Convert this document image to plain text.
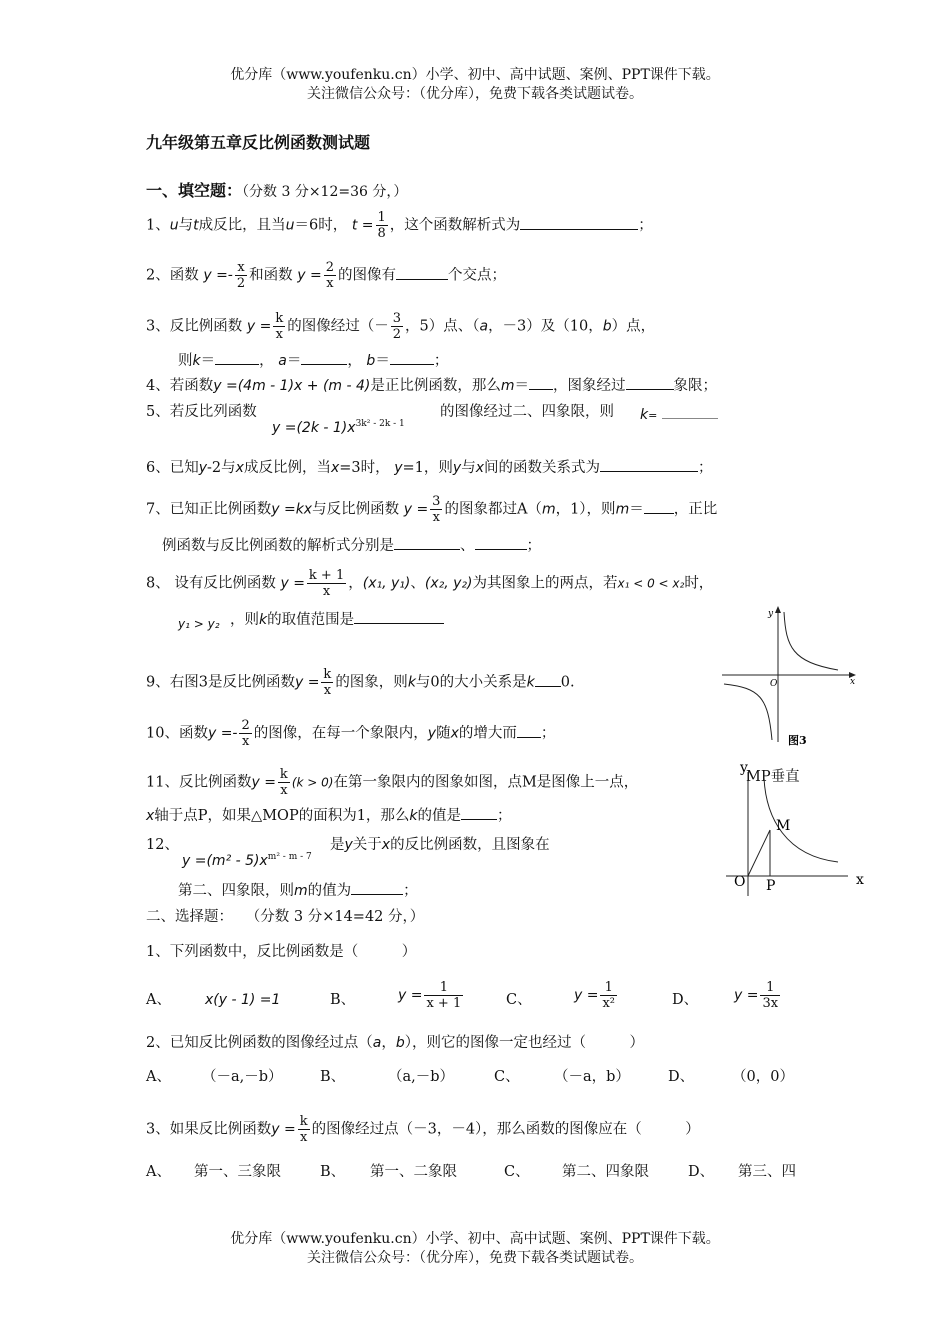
优分库（www.youfenku.cn）小学、初中、高中试题、案例、PPT课件下载。
关注微信公众号：（优分库），免费下载各类试题试卷。
九年级第五章反比例函数测试题
一、填空题：（分数 3 分×12=36 分，）
1、u与t成反比，且当u＝6时， $t = \frac{1}{8}$ ，这个函数解析式为	；
2、函数 $y =- \frac{x}{2}$ 和函数 $y = \frac{2}{x}$ 的图像有	个交点；
3、反比例函数 $y = \frac{k}{x}$ 的图像经过（－ $\frac{3}{2}$ ，5）点、（a，－3）及（10，b）点，
则k＝	， a＝	， b＝	；
4、若函数y =(4m - 1)x + (m - 4)是正比例函数，那么m＝ ，图象经过	象限；
5、若反比列函数
$y =(2k - 1)x^{3k^2 - 2k - 1}$
的图像经过二、四象限，则 k=
6、已知y-2与x成反比例，当x=3时， y=1，则y与x间的函数关系式为	；
7、已知正比例函数y =kx与反比例函数 $y = \frac{3}{x}$ 的图象都过A（m，1），则m＝ ，正比
例函数与反比例函数的解析式分别是	、	；
8、 设有反比例函数 $y = \frac{k + 1}{x}$ ，(x₁, y₁)、(x₂, y₂)为其图象上的两点，若x₁ < 0 < x₂时，
y₁ > y₂ ，则k的取值范围是
9、右图3是反比例函数$y = \frac{k}{x}$ 的图象，则k与0的大小关系是k 0.
10、函数$y =- \frac{2}{x}$ 的图像，在每一个象限内，y随x的增大而 ；
11、反比例函数$y = \frac{k}{x} (k > 0)$在第一象限内的图象如图，点M是图像上一点，	MP垂直
x轴于点P，如果△MOP的面积为1，那么k的值是 ；
12、
$y =(m^2 - 5)x^{m^2 - m - 7}$
是y关于x的反比例函数，且图象在
第二、四象限，则m的值为	；
二、选择题： （分数 3 分×14=42 分，）
1、下列函数中，反比例函数是（　　　）
A、 x(y - 1) =1	B、	$y = \frac{1}{x + 1}$	C、	$y = \frac{1}{\text{x²}}$	D、	$y = \frac{1}{3x}$
2、已知反比例函数的图像经过点（a，b），则它的图像一定也经过（　　　）
A、 （－a,－b）	B、	（a,－b）	C、 （－a，b）	D、	（0，0）
3、如果反比例函数$y = \frac{k}{x}$ 的图像经过点（－3，－4），那么函数的图像应在（　　　）
A、 第一、三象限	B、 第一、二象限	C、 第二、四象限	D、 第三、四
y
x
O
图3
y
x
O
M
P
优分库（www.youfenku.cn）小学、初中、高中试题、案例、PPT课件下载。
关注微信公众号：（优分库），免费下载各类试题试卷。
